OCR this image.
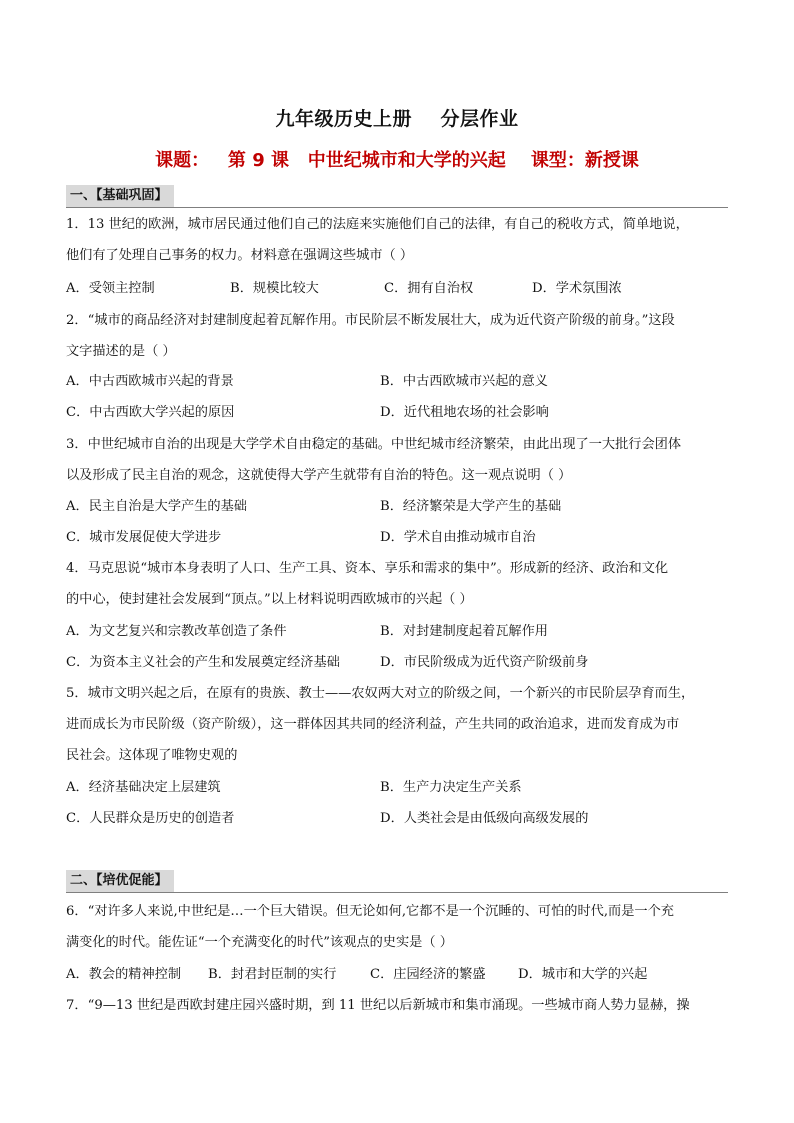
九年级历史上册    分层作业
课题：   第 9 课   中世纪城市和大学的兴起    课型：新授课
一、【基础巩固】
1．13 世纪的欧洲，城市居民通过他们自己的法庭来实施他们自己的法律，有自己的税收方式，简单地说，
他们有了处理自己事务的权力。材料意在强调这些城市（ ）
A．受领主控制	B．规模比较大	C．拥有自治权	D．学术氛围浓
2．“城市的商品经济对封建制度起着瓦解作用。市民阶层不断发展壮大，成为近代资产阶级的前身。”这段
文字描述的是（ ）
A．中古西欧城市兴起的背景	B．中古西欧城市兴起的意义
C．中古西欧大学兴起的原因	D．近代租地农场的社会影响
3．中世纪城市自治的出现是大学学术自由稳定的基础。中世纪城市经济繁荣，由此出现了一大批行会团体
以及形成了民主自治的观念，这就使得大学产生就带有自治的特色。这一观点说明（ ）
A．民主自治是大学产生的基础	B．经济繁荣是大学产生的基础
C．城市发展促使大学进步	D．学术自由推动城市自治
4．马克思说“城市本身表明了人口、生产工具、资本、享乐和需求的集中”。形成新的经济、政治和文化
的中心，使封建社会发展到“顶点。”以上材料说明西欧城市的兴起（ ）
A．为文艺复兴和宗教改革创造了条件	B．对封建制度起着瓦解作用
C．为资本主义社会的产生和发展奠定经济基础	D．市民阶级成为近代资产阶级前身
5．城市文明兴起之后，在原有的贵族、教士——农奴两大对立的阶级之间，一个新兴的市民阶层孕育而生，
进而成长为市民阶级（资产阶级），这一群体因其共同的经济利益，产生共同的政治追求，进而发育成为市
民社会。这体现了唯物史观的
A．经济基础决定上层建筑	B．生产力决定生产关系
C．人民群众是历史的创造者	D．人类社会是由低级向高级发展的
二、【培优促能】
6．“对许多人来说,中世纪是…一个巨大错误。但无论如何,它都不是一个沉睡的、可怕的时代,而是一个充
满变化的时代。能佐证“一个充满变化的时代”该观点的史实是（ ）
A．教会的精神控制 B．封君封臣制的实行	C．庄园经济的繁盛 D．城市和大学的兴起
7．“9—13 世纪是西欧封建庄园兴盛时期，到 11 世纪以后新城市和集市涌现。一些城市商人势力显赫，操
